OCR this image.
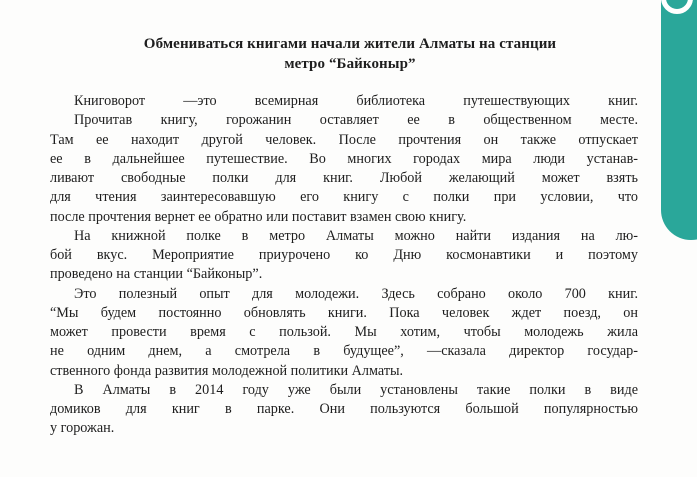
Обмениваться книгами начали жители Алматы на станции
метро “Байконыр”
Книговорот —это всемирная библиотека путешествующих книг.
Прочитав книгу, горожанин оставляет ее в общественном месте.
Там ее находит другой человек. После прочтения он также отпускает
ее в дальнейшее путешествие. Во многих городах мира люди устанав-
ливают свободные полки для книг. Любой желающий может взять
для чтения заинтересовавшую его книгу с полки при условии, что
после прочтения вернет ее обратно или поставит взамен свою книгу.
На книжной полке в метро Алматы можно найти издания на лю-
бой вкус. Мероприятие приурочено ко Дню космонавтики и поэтому
проведено на станции “Байконыр”.
Это полезный опыт для молодежи. Здесь собрано около 700 книг.
“Мы будем постоянно обновлять книги. Пока человек ждет поезд, он
может провести время с пользой. Мы хотим, чтобы молодежь жила
не одним днем, а смотрела в будущее”, —сказала директор государ-
ственного фонда развития молодежной политики Алматы.
В Алматы в 2014 году уже были установлены такие полки в виде
домиков для книг в парке. Они пользуются большой популярностью
у горожан.
